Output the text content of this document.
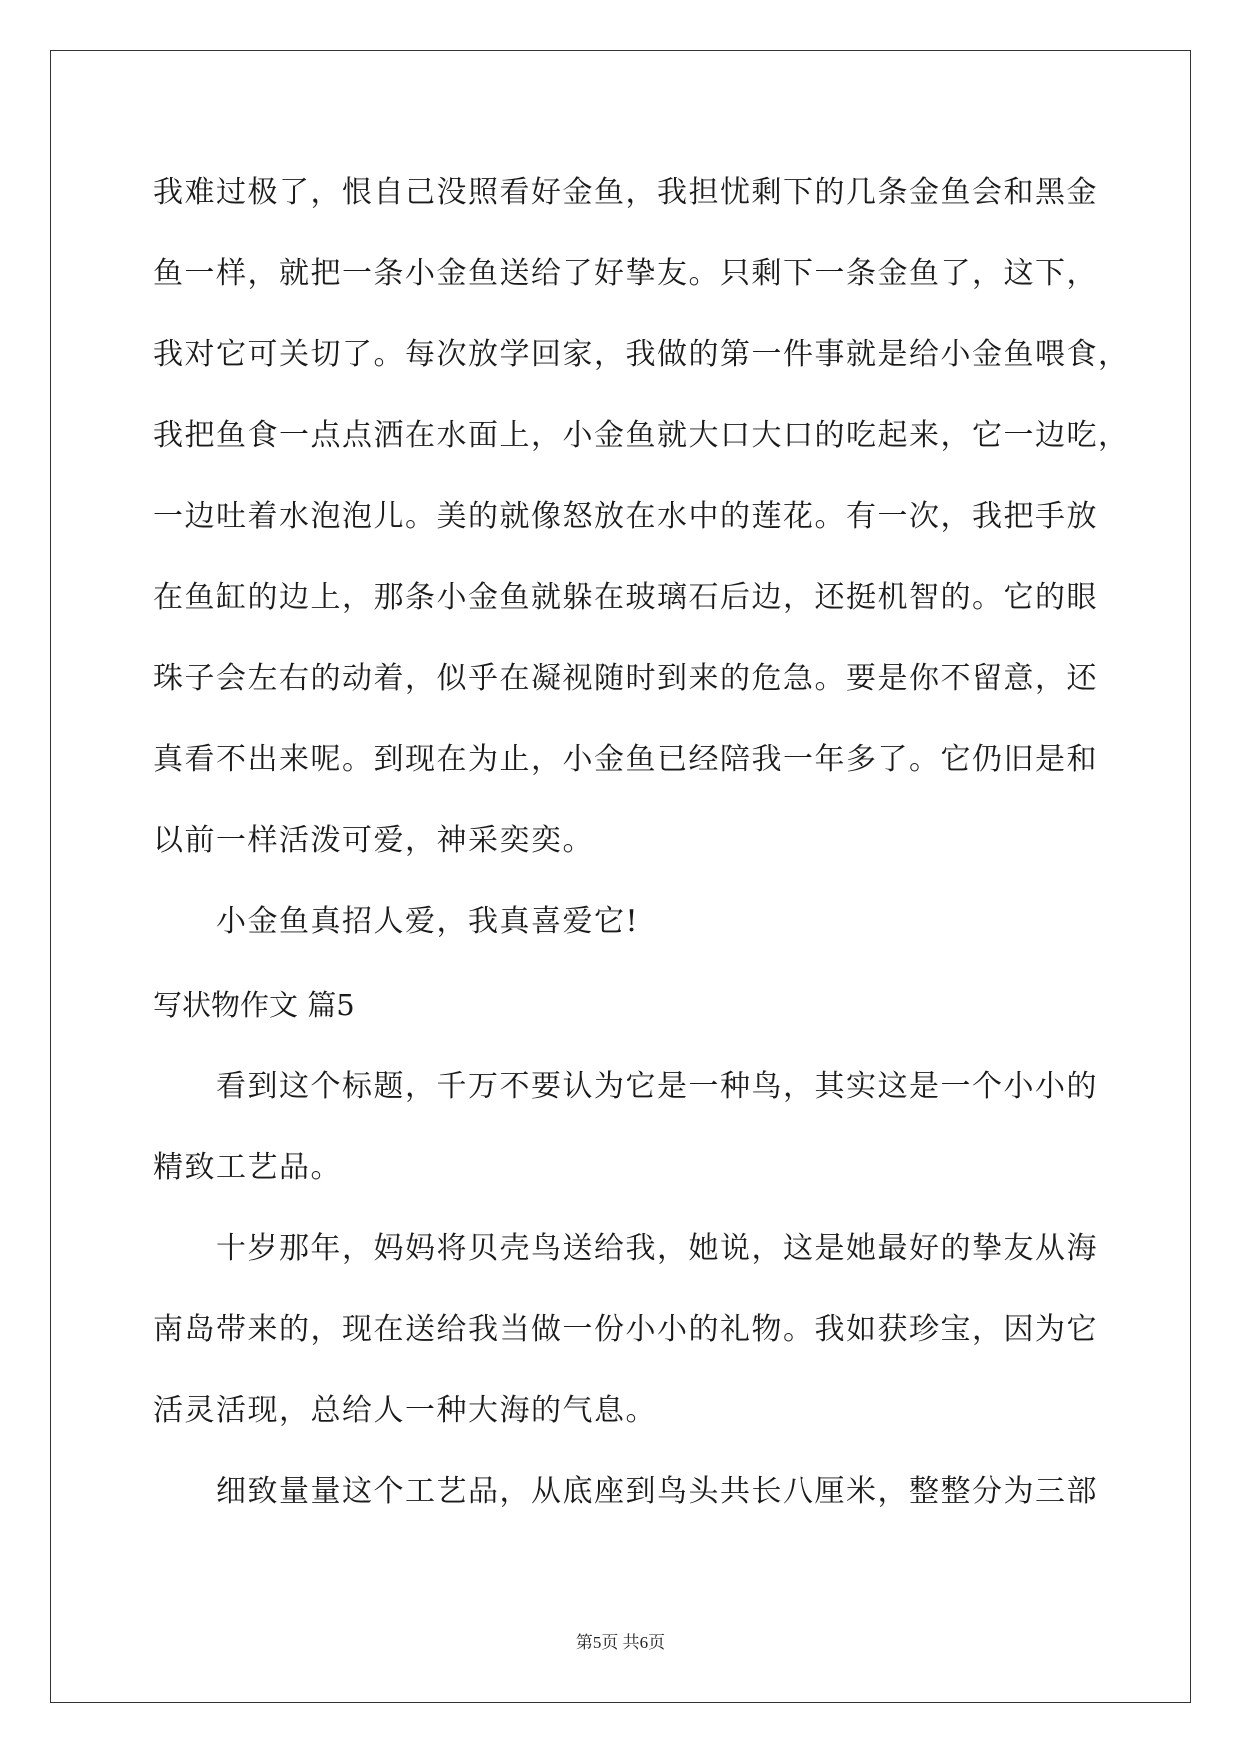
我难过极了，恨自己没照看好金鱼，我担忧剩下的几条金鱼会和黑金
鱼一样，就把一条小金鱼送给了好挚友。只剩下一条金鱼了，这下，
我对它可关切了。每次放学回家，我做的第一件事就是给小金鱼喂食，
我把鱼食一点点洒在水面上，小金鱼就大口大口的吃起来，它一边吃，
一边吐着水泡泡儿。美的就像怒放在水中的莲花。有一次，我把手放
在鱼缸的边上，那条小金鱼就躲在玻璃石后边，还挺机智的。它的眼
珠子会左右的动着，似乎在凝视随时到来的危急。要是你不留意，还
真看不出来呢。到现在为止，小金鱼已经陪我一年多了。它仍旧是和
以前一样活泼可爱，神采奕奕。
小金鱼真招人爱，我真喜爱它!
写状物作文 篇5
看到这个标题，千万不要认为它是一种鸟，其实这是一个小小的
精致工艺品。
十岁那年，妈妈将贝壳鸟送给我，她说，这是她最好的挚友从海
南岛带来的，现在送给我当做一份小小的礼物。我如获珍宝，因为它
活灵活现，总给人一种大海的气息。
细致量量这个工艺品，从底座到鸟头共长八厘米，整整分为三部
第5页 共6页
